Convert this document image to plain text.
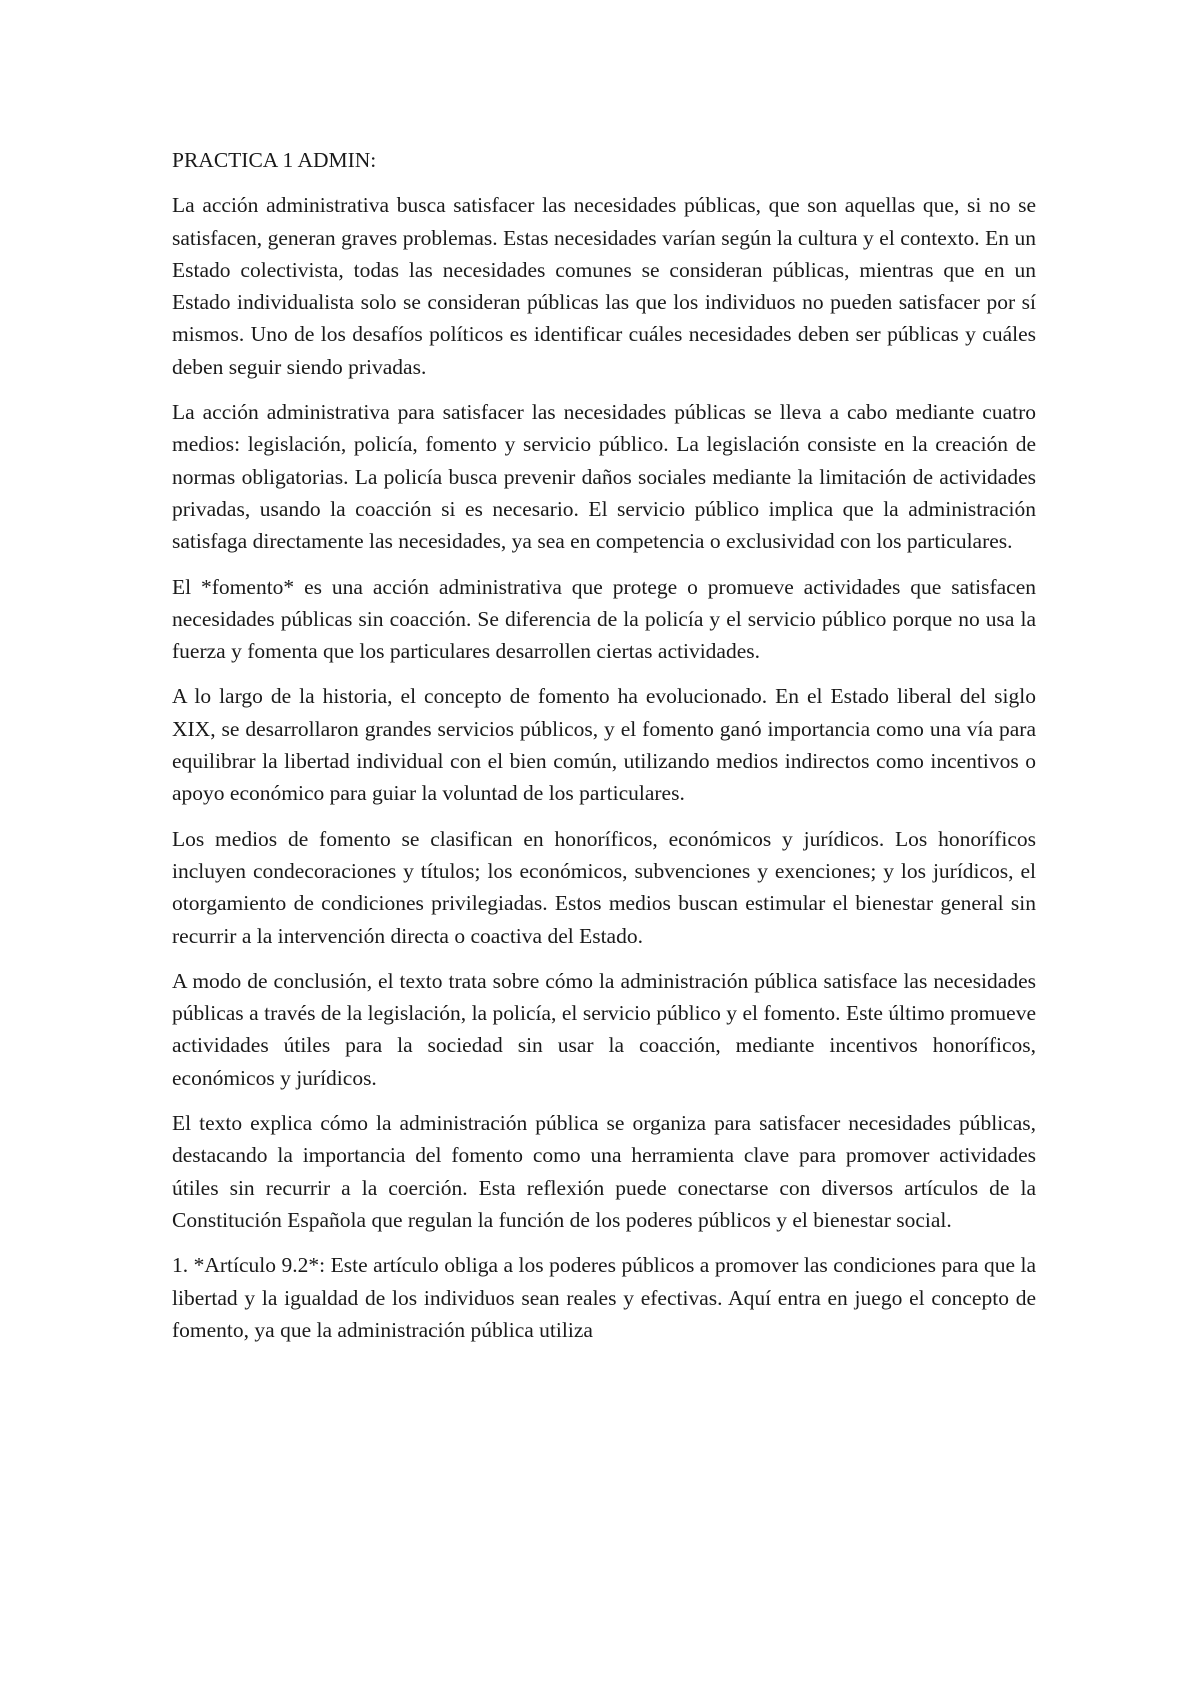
PRACTICA 1 ADMIN:

La acción administrativa busca satisfacer las necesidades públicas, que son aquellas que, si no se satisfacen, generan graves problemas. Estas necesidades varían según la cultura y el contexto. En un Estado colectivista, todas las necesidades comunes se consideran públicas, mientras que en un Estado individualista solo se consideran públicas las que los individuos no pueden satisfacer por sí mismos. Uno de los desafíos políticos es identificar cuáles necesidades deben ser públicas y cuáles deben seguir siendo privadas.

La acción administrativa para satisfacer las necesidades públicas se lleva a cabo mediante cuatro medios: legislación, policía, fomento y servicio público. La legislación consiste en la creación de normas obligatorias. La policía busca prevenir daños sociales mediante la limitación de actividades privadas, usando la coacción si es necesario. El servicio público implica que la administración satisfaga directamente las necesidades, ya sea en competencia o exclusividad con los particulares.

El *fomento* es una acción administrativa que protege o promueve actividades que satisfacen necesidades públicas sin coacción. Se diferencia de la policía y el servicio público porque no usa la fuerza y fomenta que los particulares desarrollen ciertas actividades.

A lo largo de la historia, el concepto de fomento ha evolucionado. En el Estado liberal del siglo XIX, se desarrollaron grandes servicios públicos, y el fomento ganó importancia como una vía para equilibrar la libertad individual con el bien común, utilizando medios indirectos como incentivos o apoyo económico para guiar la voluntad de los particulares.

Los medios de fomento se clasifican en honoríficos, económicos y jurídicos. Los honoríficos incluyen condecoraciones y títulos; los económicos, subvenciones y exenciones; y los jurídicos, el otorgamiento de condiciones privilegiadas. Estos medios buscan estimular el bienestar general sin recurrir a la intervención directa o coactiva del Estado.

A modo de conclusión, el texto trata sobre cómo la administración pública satisface las necesidades públicas a través de la legislación, la policía, el servicio público y el fomento. Este último promueve actividades útiles para la sociedad sin usar la coacción, mediante incentivos honoríficos, económicos y jurídicos.

El texto explica cómo la administración pública se organiza para satisfacer necesidades públicas, destacando la importancia del fomento como una herramienta clave para promover actividades útiles sin recurrir a la coerción. Esta reflexión puede conectarse con diversos artículos de la Constitución Española que regulan la función de los poderes públicos y el bienestar social.

1. *Artículo 9.2*: Este artículo obliga a los poderes públicos a promover las condiciones para que la libertad y la igualdad de los individuos sean reales y efectivas. Aquí entra en juego el concepto de fomento, ya que la administración pública utiliza
